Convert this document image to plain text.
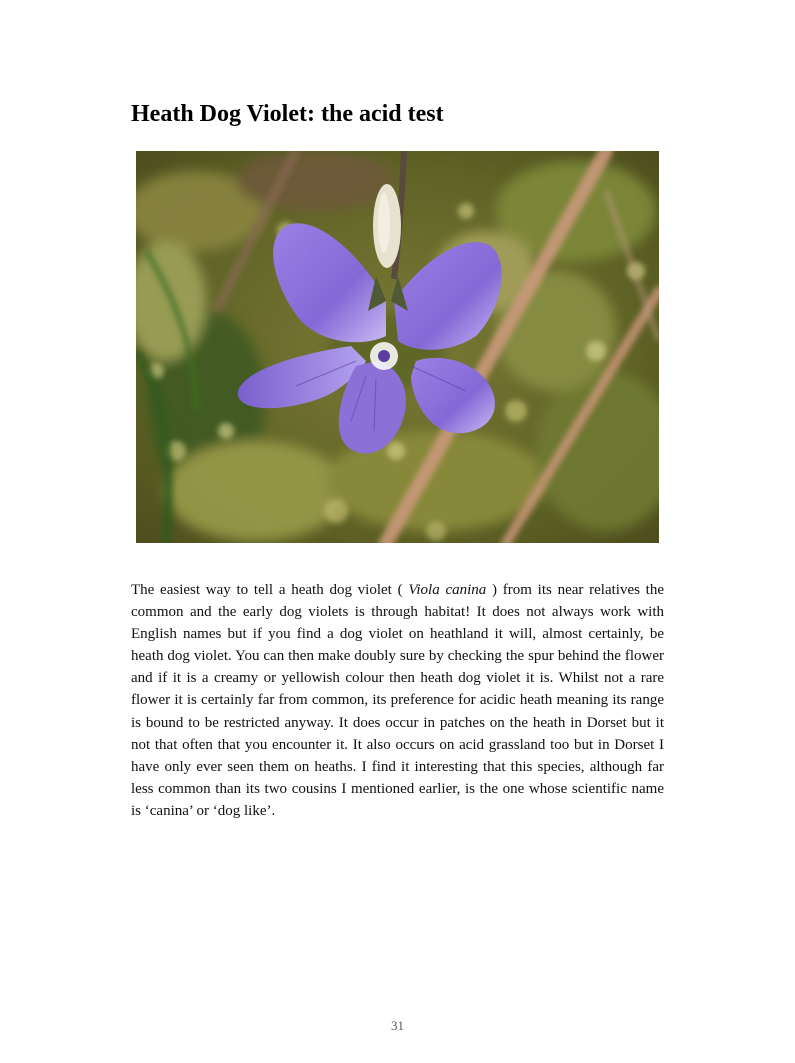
Heath Dog Violet: the acid test

The easiest way to tell a heath dog violet ( Viola canina ) from its near relatives the common and the early dog violets is through habitat! It does not always work with English names but if you find a dog violet on heathland it will, almost certainly, be heath dog violet. You can then make doubly sure by checking the spur behind the flower and if it is a creamy or yellowish colour then heath dog violet it is. Whilst not a rare flower it is certainly far from common, its preference for acidic heath meaning its range is bound to be restricted anyway. It does occur in patches on the heath in Dorset but it not that often that you encounter it. It also occurs on acid grassland too but in Dorset I have only ever seen them on heaths. I find it interesting that this species, although far less common than its two cousins I mentioned earlier, is the one whose scientific name is ‘canina’ or ‘dog like’.

31
